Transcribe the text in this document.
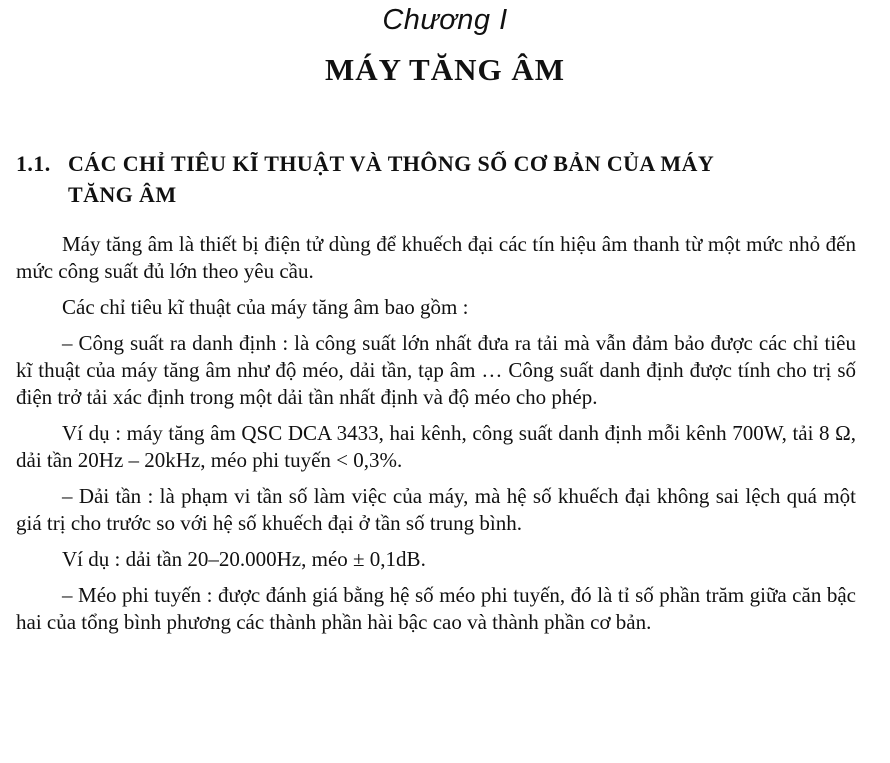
Chương I
MÁY TĂNG ÂM
1.1. CÁC CHỈ TIÊU KĨ THUẬT VÀ THÔNG SỐ CƠ BẢN CỦA MÁY
TĂNG ÂM

Máy tăng âm là thiết bị điện tử dùng để khuếch đại các tín hiệu âm thanh từ một mức nhỏ đến mức công suất đủ lớn theo yêu cầu.

Các chỉ tiêu kĩ thuật của máy tăng âm bao gồm :

– Công suất ra danh định : là công suất lớn nhất đưa ra tải mà vẫn đảm bảo được các chỉ tiêu kĩ thuật của máy tăng âm như độ méo, dải tần, tạp âm … Công suất danh định được tính cho trị số điện trở tải xác định trong một dải tần nhất định và độ méo cho phép.

Ví dụ : máy tăng âm QSC DCA 3433, hai kênh, công suất danh định mỗi kênh 700W, tải 8 Ω, dải tần 20Hz – 20kHz, méo phi tuyến < 0,3%.

– Dải tần : là phạm vi tần số làm việc của máy, mà hệ số khuếch đại không sai lệch quá một giá trị cho trước so với hệ số khuếch đại ở tần số trung bình.

Ví dụ : dải tần 20–20.000Hz, méo ± 0,1dB.

– Méo phi tuyến : được đánh giá bằng hệ số méo phi tuyến, đó là tỉ số phần trăm giữa căn bậc hai của tổng bình phương các thành phần hài bậc cao và thành phần cơ bản.
